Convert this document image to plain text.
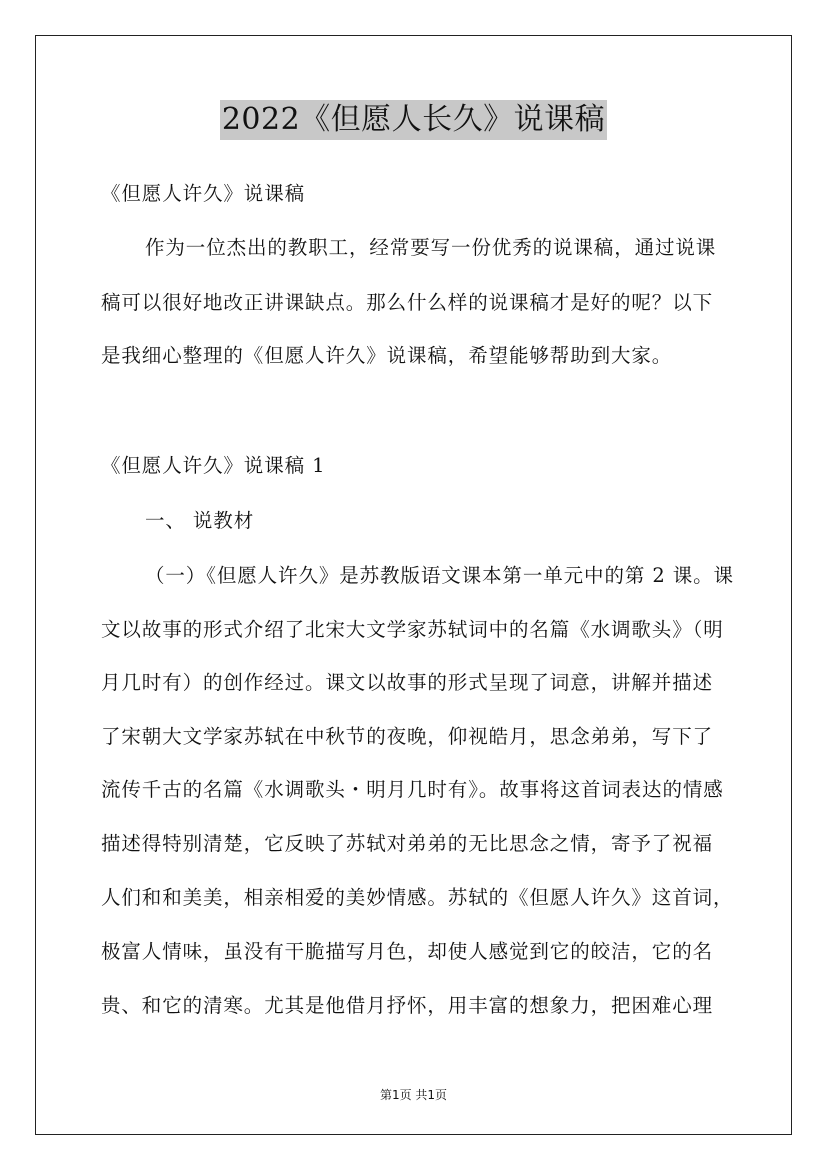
2022《但愿人长久》说课稿
《但愿人许久》说课稿
作为一位杰出的教职工，经常要写一份优秀的说课稿，通过说课
稿可以很好地改正讲课缺点。那么什么样的说课稿才是好的呢？以下
是我细心整理的《但愿人许久》说课稿，希望能够帮助到大家。
《但愿人许久》说课稿 1
一、 说教材
（一）《但愿人许久》是苏教版语文课本第一单元中的第 2 课。课
文以故事的形式介绍了北宋大文学家苏轼词中的名篇《水调歌头》（明
月几时有）的创作经过。课文以故事的形式呈现了词意，讲解并描述
了宋朝大文学家苏轼在中秋节的夜晚，仰视皓月，思念弟弟，写下了
流传千古的名篇《水调歌头・明月几时有》。故事将这首词表达的情感
描述得特别清楚，它反映了苏轼对弟弟的无比思念之情，寄予了祝福
人们和和美美，相亲相爱的美妙情感。苏轼的《但愿人许久》这首词，
极富人情味，虽没有干脆描写月色，却使人感觉到它的皎洁，它的名
贵、和它的清寒。尤其是他借月抒怀，用丰富的想象力，把困难心理
第1页 共1页
